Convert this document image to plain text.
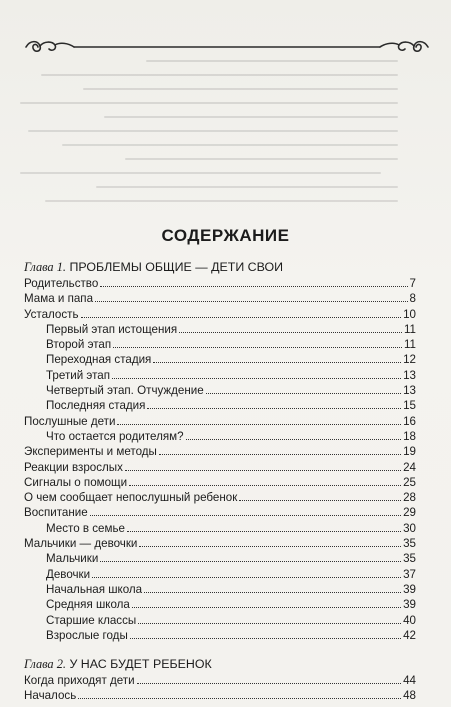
СОДЕРЖАНИЕ
Глава 1. ПРОБЛЕМЫ ОБЩИЕ — ДЕТИ СВОИ
Родительство	7
Мама и папа	8
Усталость	10
Первый этап истощения	11
Второй этап	11
Переходная стадия	12
Третий этап	13
Четвертый этап. Отчуждение	13
Последняя стадия	15
Послушные дети	16
Что остается родителям?	18
Эксперименты и методы	19
Реакции взрослых	24
Сигналы о помощи	25
О чем сообщает непослушный ребенок	28
Воспитание	29
Место в семье	30
Мальчики — девочки	35
Мальчики	35
Девочки	37
Начальная школа	39
Средняя школа	39
Старшие классы	40
Взрослые годы	42
Глава 2. У НАС БУДЕТ РЕБЕНОК
Когда приходят дети	44
Началось	48
